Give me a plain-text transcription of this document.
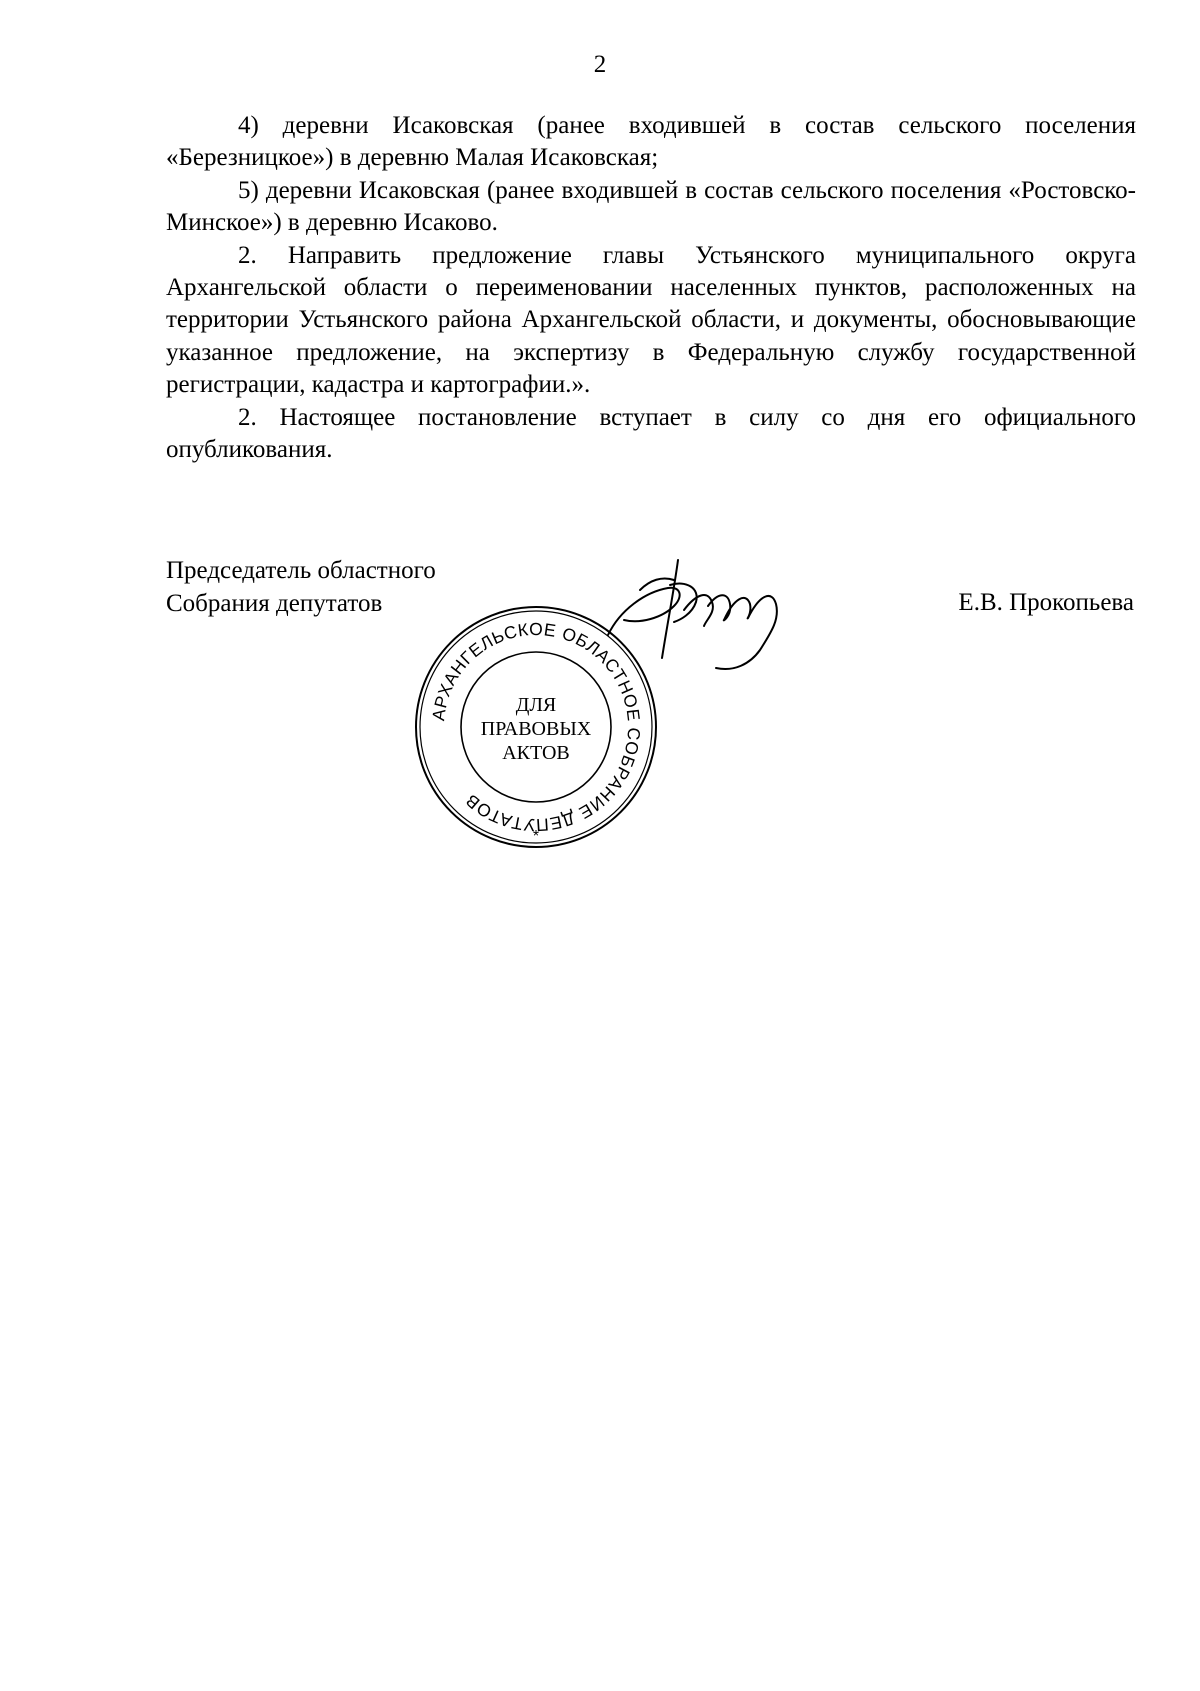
2

4) деревни Исаковская (ранее входившей в состав сельского поселения «Березницкое») в деревню Малая Исаковская;

5) деревни Исаковская (ранее входившей в состав сельского поселения «Ростовско-Минское») в деревню Исаково.

2. Направить предложение главы Устьянского муниципального округа Архангельской области о переименовании населенных пунктов, расположенных на территории Устьянского района Архангельской области, и документы, обосновывающие указанное предложение, на экспертизу в Федеральную службу государственной регистрации, кадастра и картографии.».

2. Настоящее постановление вступает в силу со дня его официального опубликования.

Председатель областного
Собрания депутатов	Е.В. Прокопьева
АРХАНГЕЛЬСКОЕ ОБЛАСТНОЕ СОБРАНИЕ ДЕПУТАТОВ
*
ДЛЯ
ПРАВОВЫХ
АКТОВ
